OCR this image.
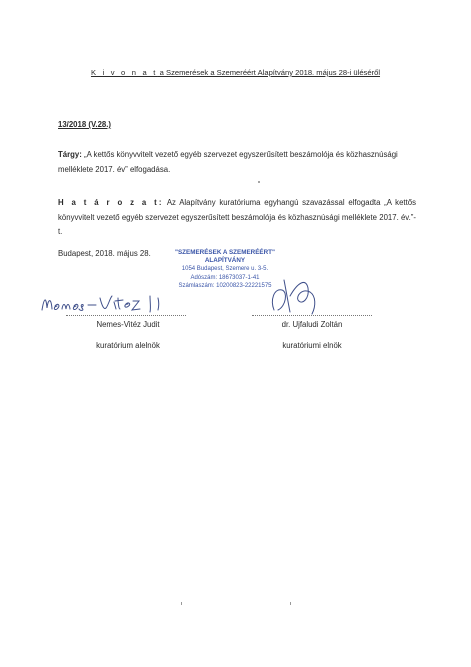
K i v o n a t a Szemerések a Szemeréért Alapítvány 2018. május 28-i üléséről
13/2018 (V.28.)
Tárgy: „A kettős könyvvitelt vezető egyéb szervezet egyszerűsített beszámolója és közhasznúsági melléklete 2017. év” elfogadása.
H a t á r o z a t: Az Alapítvány kuratóriuma egyhangú szavazással elfogadta „A kettős könyvvitelt vezető egyéb szervezet egyszerűsített beszámolója és közhasznúsági melléklete 2017. év.”-t.
Budapest, 2018. május 28.	"SZEMERÉSEK A SZEMERÉÉRT"
ALAPÍTVÁNY
1054 Budapest, Szemere u. 3-5.
Adószám: 18673037-1-41
Számlaszám: 10200823-22221575
Nemes-Vitéz Judit	dr. Ujfaludi Zoltán
kuratórium alelnök	kuratóriumi elnök
